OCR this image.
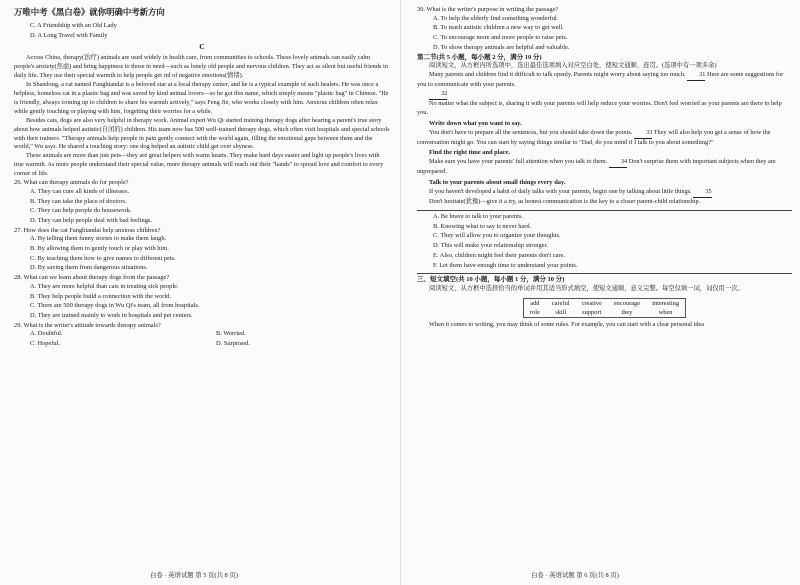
万唯中考《黑白卷》就你明确中考新方向
C. A Friendship with an Old Lady
D. A Long Travel with Family
C

Across China, therapy(治疗) animals are used widely in health care, from communities to schools. These lovely animals can easily calm people's anxiety(焦虑) and bring happiness to those in need—such as lonely old people and nervous children. They act as silent but useful friends in daily life. They use their special warmth to help people get rid of negative emotions(情绪).

In Shandong, a cat named Fanghiandai is a beloved star at a local therapy center, and he is a typical example of such healers. He was once a helpless, homeless cat in a plastic bag and was saved by kind animal lovers—so he got this name, which simply means "plastic bag" in Chinese. "He is friendly, always coming up to children to share his warmth actively," says Feng Jie, who works closely with him. Anxious children often relax while gently touching or playing with him, forgetting their worries for a while.

Besides cats, dogs are also very helpful in therapy work. Animal expert Wu Qi started training therapy dogs after hearing a parent's true story about how animals helped autistic(自闭的) children. His team now has 500 well-trained therapy dogs, which often visit hospitals and special schools with their trainers. "Therapy animals help people in pain gently connect with the world again, filling the emotional gaps between them and the world," Wu says. He shared a touching story: one dog helped an autistic child get over shyness.

These animals are more than just pets—they are great helpers with warm hearts. They make hard days easier and light up people's lives with true warmth. As more people understand their special value, more therapy animals will reach out their "hands" to spread love and comfort to every corner of life.

26. What can therapy animals do for people?
A. They can cure all kinds of illnesses.
B. They can take the place of doctors.
C. They can help people do housework.
D. They can help people deal with bad feelings.
27. How does the cat Fanghiandai help anxious children?
A. By telling them funny stories to make them laugh.
B. By allowing them to gently touch or play with him.
C. By teaching them how to give names to different pets.
D. By saving them from dangerous situations.
28. What can we learn about therapy dogs from the passage?
A. They are more helpful than cats in treating sick people.
B. They help people build a connection with the world.
C. There are 500 therapy dogs in Wu Qi's team, all from hospitals.
D. They are trained mainly to work in hospitals and pet centers.
29. What is the writer's attitude towards therapy animals?
A. Doubtful.	B. Worried.
C. Hopeful.	D. Surprised.
白卷 · 英语试题 第 5 页(共 8 页)
30. What is the writer's purpose in writing the passage?
A. To help the elderly find something wonderful.
B. To teach autistic children a new way to get well.
C. To encourage more and more people to raise pets.
D. To show therapy animals are helpful and valuable.
第二节(共 5 小题，每小题 2 分，满分 10 分)
阅读短文，从方框内所选项中，选出最佳选项填入对应空白处，使短文通顺、连贯。(选项中有一项多余)

Many parents and children find it difficult to talk openly. Parents might worry about saying too much. 31 Here are some suggestions for you to communicate with your parents.

32

No matter what the subject is, sharing it with your parents will help reduce your worries. Don't feel worried as your parents are there to help you.

Write down what you want to say.

You don't have to prepare all the sentences, but you should take down the points. 33 They will also help you get a sense of how the conversation might go. You can start by saying things similar to "Dad, do you mind if I talk to you about something?"

Find the right time and place.

Make sure you have your parents' full attention when you talk to them. 34 Don't surprise them with important subjects when they are unprepared.

Talk to your parents about small things every day.

If you haven't developed a habit of daily talks with your parents, begin one by talking about little things. 35

Don't hesitate(犹豫)—give it a try, as honest communication is the key to a closer parent-child relationship.

A. Be brave to talk to your parents.
B. Knowing what to say is never hard.
C. They will allow you to organize your thoughts.
D. This will make your relationship stronger.
E. Also, children might feel their parents don't care.
F. Let them have enough time to understand your points.
三、短文填空(共 10 小题，每小题 1 分，满分 10 分)
阅读短文，从方框中选择恰当的单词并用其适当形式填空，使短文通顺，意义完整。每空仅填一词，词仅用一次。
add	careful	creative	encourage	interesting
role	skill	support	they	when

When it comes to writing, you may think of some rules. For example, you can start with a clear personal idea

白卷 · 英语试题 第 6 页(共 8 页)
